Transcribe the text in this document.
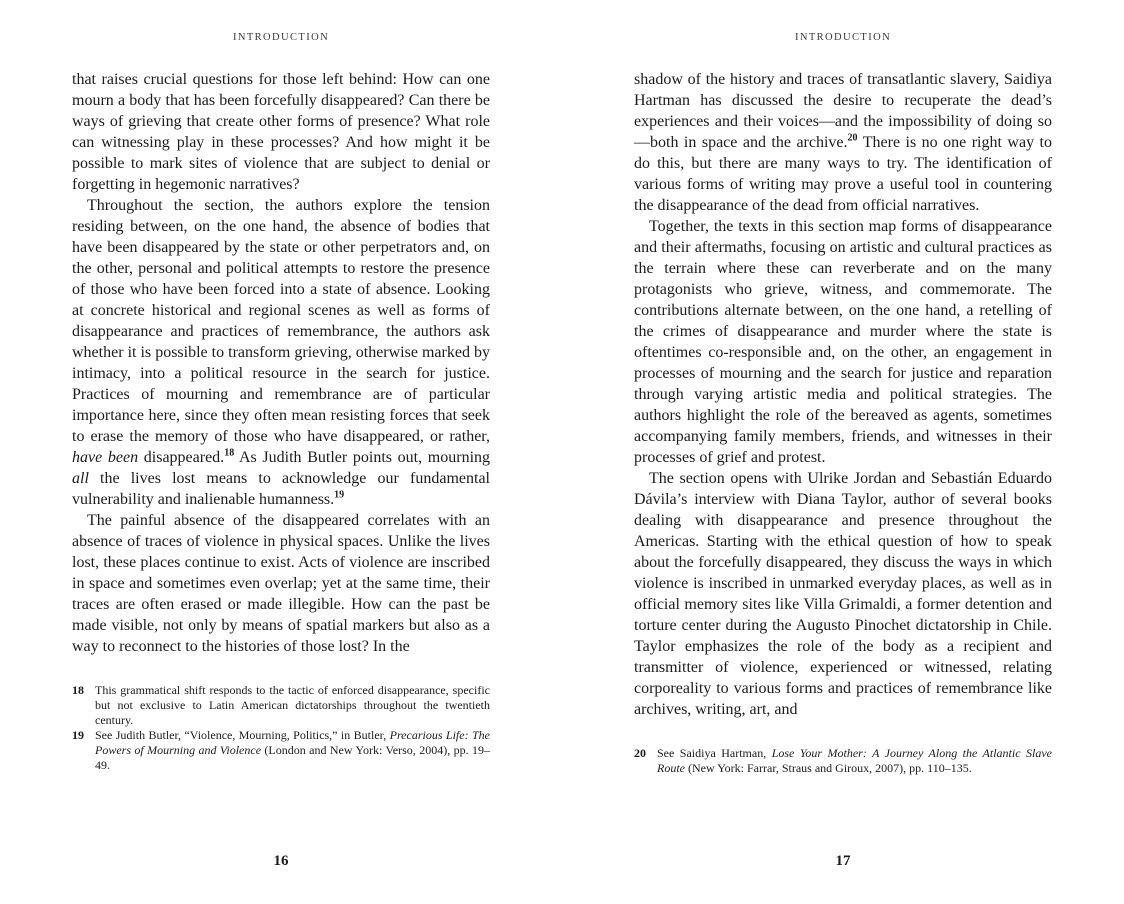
INTRODUCTION

that raises crucial questions for those left behind: How can one mourn a body that has been forcefully disappeared? Can there be ways of grieving that create other forms of presence? What role can witnessing play in these processes? And how might it be possible to mark sites of violence that are subject to denial or forgetting in hegemonic narratives?

Throughout the section, the authors explore the tension residing between, on the one hand, the absence of bodies that have been disappeared by the state or other perpetrators and, on the other, personal and political attempts to restore the presence of those who have been forced into a state of absence. Looking at concrete historical and regional scenes as well as forms of disappearance and practices of remembrance, the authors ask whether it is possible to transform grieving, otherwise marked by intimacy, into a political resource in the search for justice. Practices of mourning and remembrance are of particular importance here, since they often mean resisting forces that seek to erase the memory of those who have disappeared, or rather, have been disappeared.$^{18}$ As Judith Butler points out, mourning all the lives lost means to acknowledge our fundamental vulnerability and inalienable humanness.$^{19}$

The painful absence of the disappeared correlates with an absence of traces of violence in physical spaces. Unlike the lives lost, these places continue to exist. Acts of violence are inscribed in space and sometimes even overlap; yet at the same time, their traces are often erased or made illegible. How can the past be made visible, not only by means of spatial markers but also as a way to reconnect to the histories of those lost? In the

18 This grammatical shift responds to the tactic of enforced disappearance, specific but not exclusive to Latin American dictatorships throughout the twentieth century.
19 See Judith Butler, “Violence, Mourning, Politics,” in Butler, Precarious Life: The Powers of Mourning and Violence (London and New York: Verso, 2004), pp. 19–49.
16
INTRODUCTION

shadow of the history and traces of transatlantic slavery, Saidiya Hartman has discussed the desire to recuperate the dead’s experiences and their voices—and the impossibility of doing so—both in space and the archive.$^{20}$ There is no one right way to do this, but there are many ways to try. The identification of various forms of writing may prove a useful tool in countering the disappearance of the dead from official narratives.

Together, the texts in this section map forms of disappearance and their aftermaths, focusing on artistic and cultural practices as the terrain where these can reverberate and on the many protagonists who grieve, witness, and commemorate. The contributions alternate between, on the one hand, a retelling of the crimes of disappearance and murder where the state is oftentimes co-responsible and, on the other, an engagement in processes of mourning and the search for justice and reparation through varying artistic media and political strategies. The authors highlight the role of the bereaved as agents, sometimes accompanying family members, friends, and witnesses in their processes of grief and protest.

The section opens with Ulrike Jordan and Sebastián Eduardo Dávila’s interview with Diana Taylor, author of several books dealing with disappearance and presence throughout the Americas. Starting with the ethical question of how to speak about the forcefully disappeared, they discuss the ways in which violence is inscribed in unmarked everyday places, as well as in official memory sites like Villa Grimaldi, a former detention and torture center during the Augusto Pinochet dictatorship in Chile. Taylor emphasizes the role of the body as a recipient and transmitter of violence, experienced or witnessed, relating corporeality to various forms and practices of remembrance like archives, writing, art, and

20 See Saidiya Hartman, Lose Your Mother: A Journey Along the Atlantic Slave Route (New York: Farrar, Straus and Giroux, 2007), pp. 110–135.
17
